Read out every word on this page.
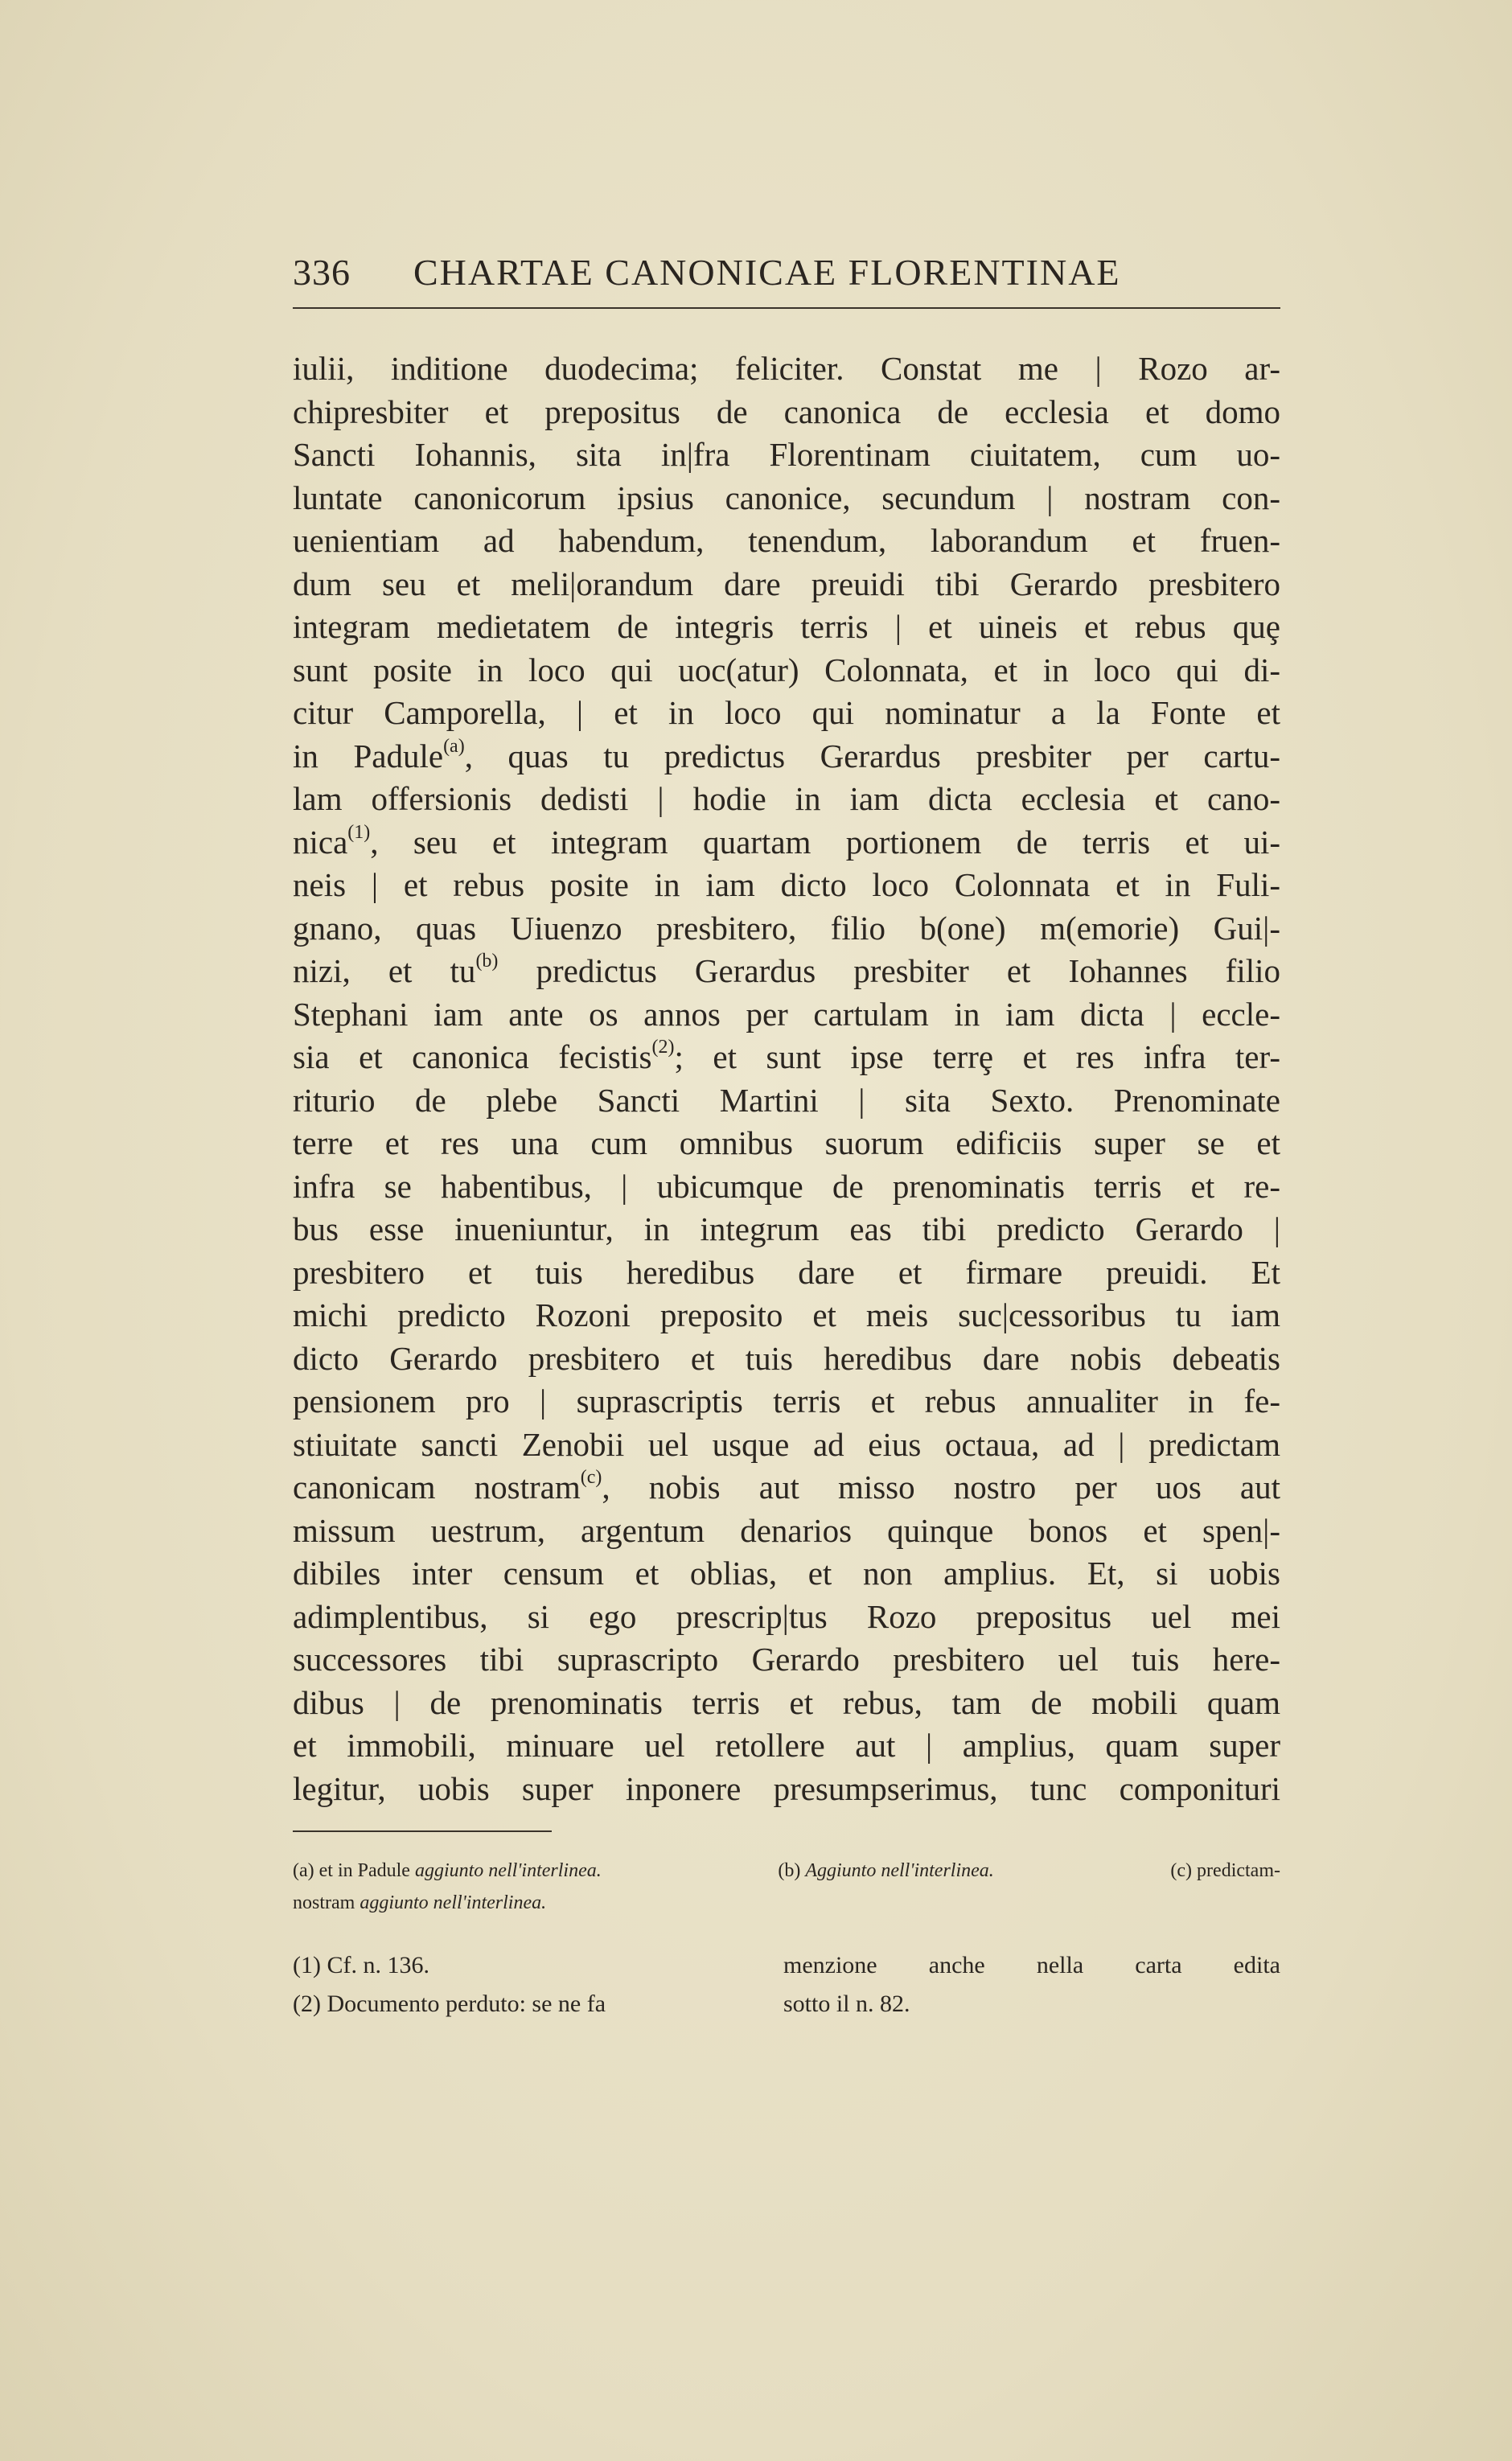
336	CHARTAE CANONICAE FLORENTINAE
iulii, inditione duodecima; feliciter. Constat me | Rozo ar-
chipresbiter et prepositus de canonica de ecclesia et domo
Sancti Iohannis, sita in|fra Florentinam ciuitatem, cum uo-
luntate canonicorum ipsius canonice, secundum | nostram con-
uenientiam ad habendum, tenendum, laborandum et fruen-
dum seu et meli|orandum dare preuidi tibi Gerardo presbitero
integram medietatem de integris terris | et uineis et rebus quȩ
sunt posite in loco qui uoc(atur) Colonnata, et in loco qui di-
citur Camporella, | et in loco qui nominatur a la Fonte et
in Padule$^{(a)}$, quas tu predictus Gerardus presbiter per cartu-
lam offersionis dedisti | hodie in iam dicta ecclesia et cano-
nica$^{(1)}$, seu et integram quartam portionem de terris et ui-
neis | et rebus posite in iam dicto loco Colonnata et in Fuli-
gnano, quas Uiuenzo presbitero, filio b(one) m(emorie) Gui|-
nizi, et $tu^{(b)}$ predictus Gerardus presbiter et Iohannes filio
Stephani iam ante os annos per cartulam in iam dicta | eccle-
sia et canonica fecistis$^{(2)}$; et sunt ipse terrȩ et res infra ter-
riturio de plebe Sancti Martini | sita Sexto. Prenominate
terre et res una cum omnibus suorum edificiis super se et
infra se habentibus, | ubicumque de prenominatis terris et re-
bus esse inueniuntur, in integrum eas tibi predicto Gerardo |
presbitero et tuis heredibus dare et firmare preuidi. Et
michi predicto Rozoni preposito et meis suc|cessoribus tu iam
dicto Gerardo presbitero et tuis heredibus dare nobis debeatis
pensionem pro | suprascriptis terris et rebus annualiter in fe-
stiuitate sancti Zenobii uel usque ad eius octaua, ad | predictam
canonicam nostram$^{(c)}$, nobis aut misso nostro per uos aut
missum uestrum, argentum denarios quinque bonos et spen|-
dibiles inter censum et oblias, et non amplius. Et, si uobis
adimplentibus, si ego prescrip|tus Rozo prepositus uel mei
successores tibi suprascripto Gerardo presbitero uel tuis here-
dibus | de prenominatis terris et rebus, tam de mobili quam
et immobili, minuare uel retollere aut | amplius, quam super
legitur, uobis super inponere presumpserimus, tunc componituri
(a) et in Padule aggiunto nell'interlinea.	(b) Aggiunto nell'interlinea.	(c) predictam-
nostram aggiunto nell'interlinea.
(1) Cf. n. 136.	menzione anche nella carta edita
(2) Documento perduto: se ne fa	sotto il n. 82.
